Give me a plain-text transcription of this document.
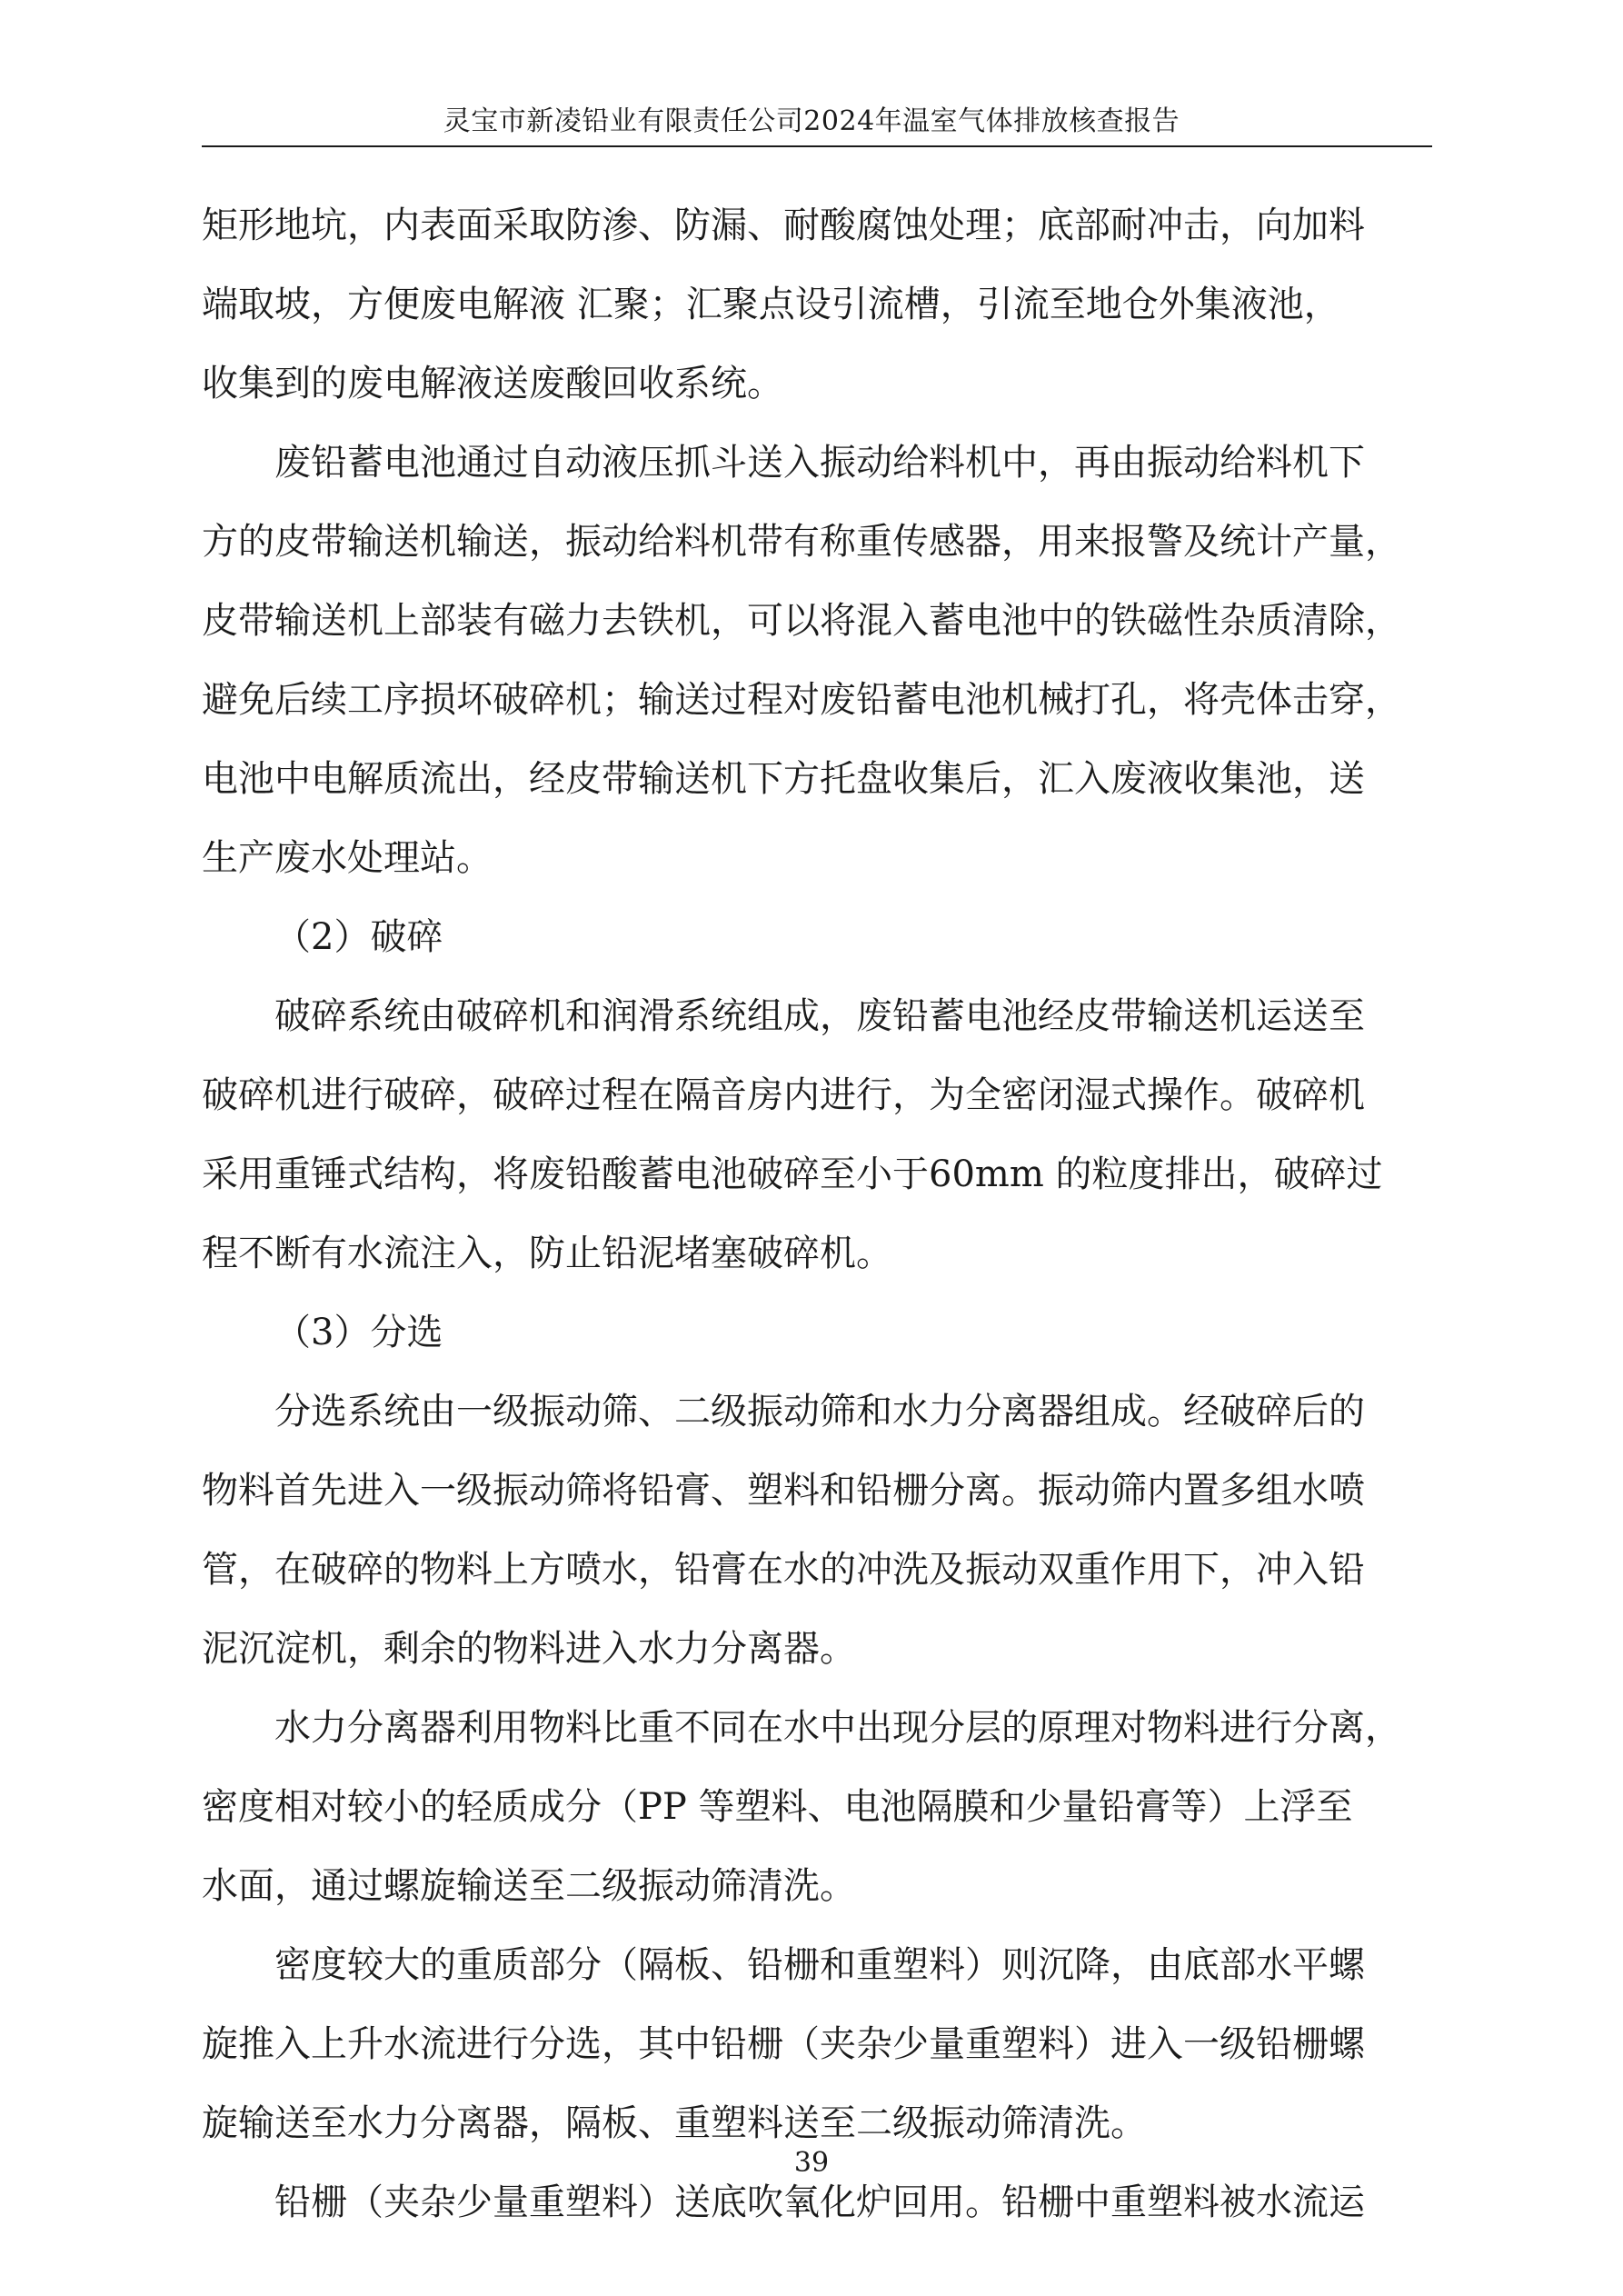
灵宝市新凌铅业有限责任公司2024年温室气体排放核查报告
矩形地坑，内表面采取防渗、防漏、耐酸腐蚀处理；底部耐冲击，向加料
端取坡，方便废电解液 汇聚；汇聚点设引流槽，引流至地仓外集液池，
收集到的废电解液送废酸回收系统。
废铅蓄电池通过自动液压抓斗送入振动给料机中，再由振动给料机下
方的皮带输送机输送，振动给料机带有称重传感器，用来报警及统计产量，
皮带输送机上部装有磁力去铁机，可以将混入蓄电池中的铁磁性杂质清除，
避免后续工序损坏破碎机；输送过程对废铅蓄电池机械打孔，将壳体击穿，
电池中电解质流出，经皮带输送机下方托盘收集后，汇入废液收集池，送
生产废水处理站。
（2）破碎
破碎系统由破碎机和润滑系统组成，废铅蓄电池经皮带输送机运送至
破碎机进行破碎，破碎过程在隔音房内进行，为全密闭湿式操作。破碎机
采用重锤式结构，将废铅酸蓄电池破碎至小于60mm 的粒度排出，破碎过
程不断有水流注入，防止铅泥堵塞破碎机。
（3）分选
分选系统由一级振动筛、二级振动筛和水力分离器组成。经破碎后的
物料首先进入一级振动筛将铅膏、塑料和铅栅分离。振动筛内置多组水喷
管，在破碎的物料上方喷水，铅膏在水的冲洗及振动双重作用下，冲入铅
泥沉淀机，剩余的物料进入水力分离器。
水力分离器利用物料比重不同在水中出现分层的原理对物料进行分离，
密度相对较小的轻质成分（PP 等塑料、电池隔膜和少量铅膏等）上浮至
水面，通过螺旋输送至二级振动筛清洗。
密度较大的重质部分（隔板、铅栅和重塑料）则沉降，由底部水平螺
旋推入上升水流进行分选，其中铅栅（夹杂少量重塑料）进入一级铅栅螺
旋输送至水力分离器，隔板、重塑料送至二级振动筛清洗。
铅栅（夹杂少量重塑料）送底吹氧化炉回用。铅栅中重塑料被水流运
39
